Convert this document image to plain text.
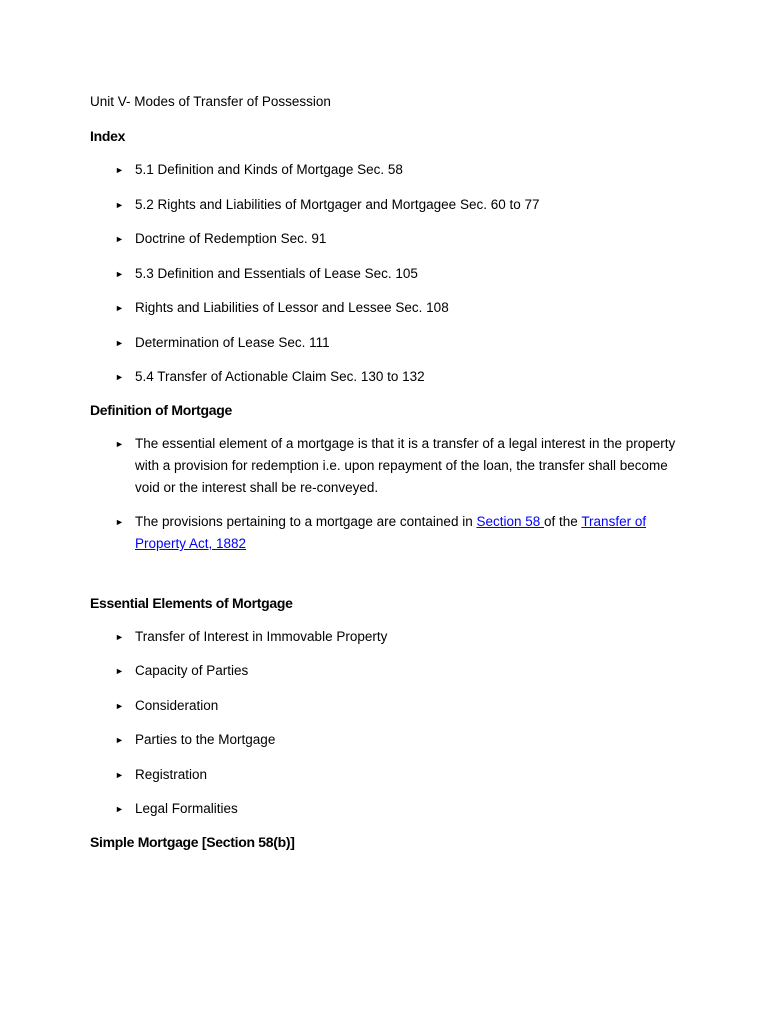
Unit V- Modes of Transfer of Possession
Index
► 5.1 Definition and Kinds of Mortgage Sec. 58
► 5.2 Rights and Liabilities of Mortgager and Mortgagee Sec. 60 to 77
► Doctrine of Redemption Sec. 91
► 5.3 Definition and Essentials of Lease Sec. 105
► Rights and Liabilities of Lessor and Lessee Sec. 108
► Determination of Lease Sec. 111
► 5.4 Transfer of Actionable Claim Sec. 130 to 132
Definition of Mortgage
► The essential element of a mortgage is that it is a transfer of a legal interest in the property with a provision for redemption i.e. upon repayment of the loan, the transfer shall become void or the interest shall be re-conveyed.
► The provisions pertaining to a mortgage are contained in Section 58 of the Transfer of Property Act, 1882
Essential Elements of Mortgage
► Transfer of Interest in Immovable Property
► Capacity of Parties
► Consideration
► Parties to the Mortgage
► Registration
► Legal Formalities
Simple Mortgage [Section 58(b)]
